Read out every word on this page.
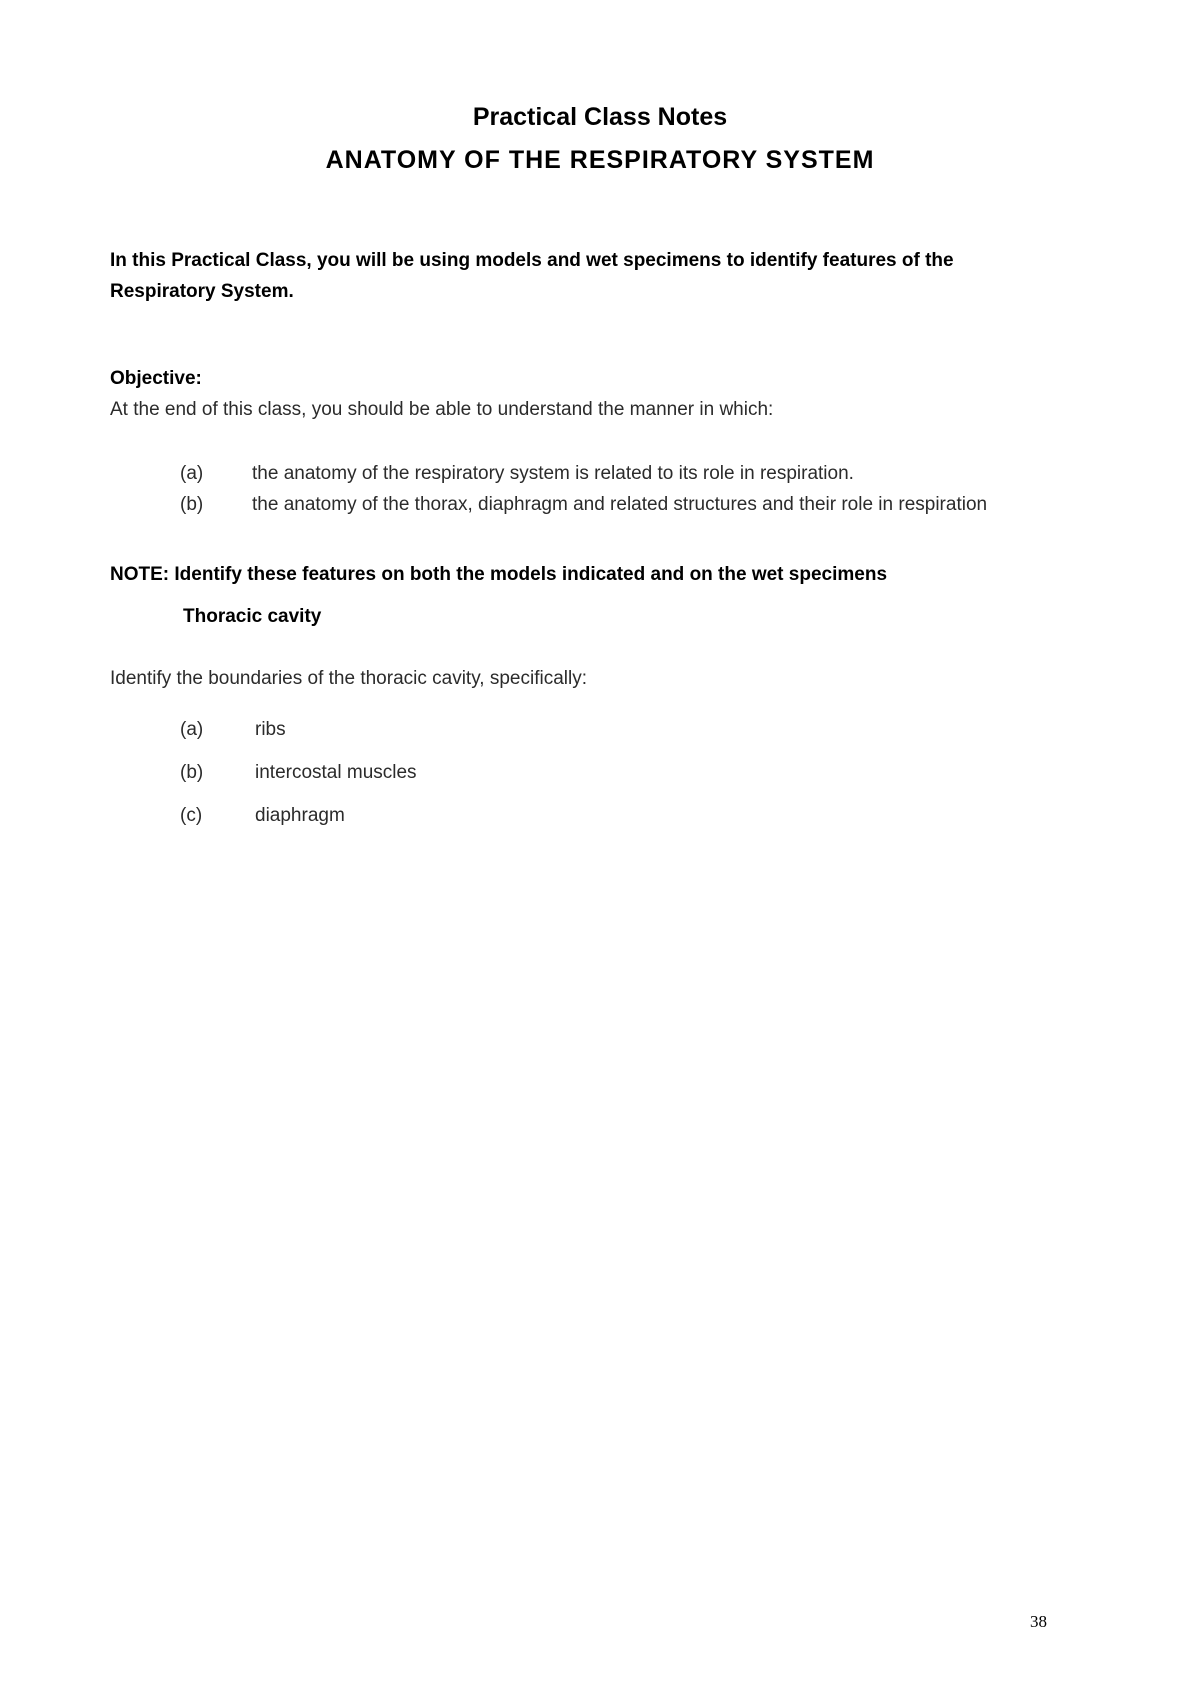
Practical Class Notes
ANATOMY OF THE RESPIRATORY SYSTEM

In this Practical Class, you will be using models and wet specimens to identify features of the Respiratory System.

Objective:

At the end of this class, you should be able to understand the manner in which:

(a)	the anatomy of the respiratory system is related to its role in respiration.
(b)	the anatomy of the thorax, diaphragm and related structures and their role in respiration

NOTE: Identify these features on both the models indicated and on the wet specimens

Thoracic cavity

Identify the boundaries of the thoracic cavity, specifically:

(a)	ribs
(b)	intercostal muscles
(c)	diaphragm

38
